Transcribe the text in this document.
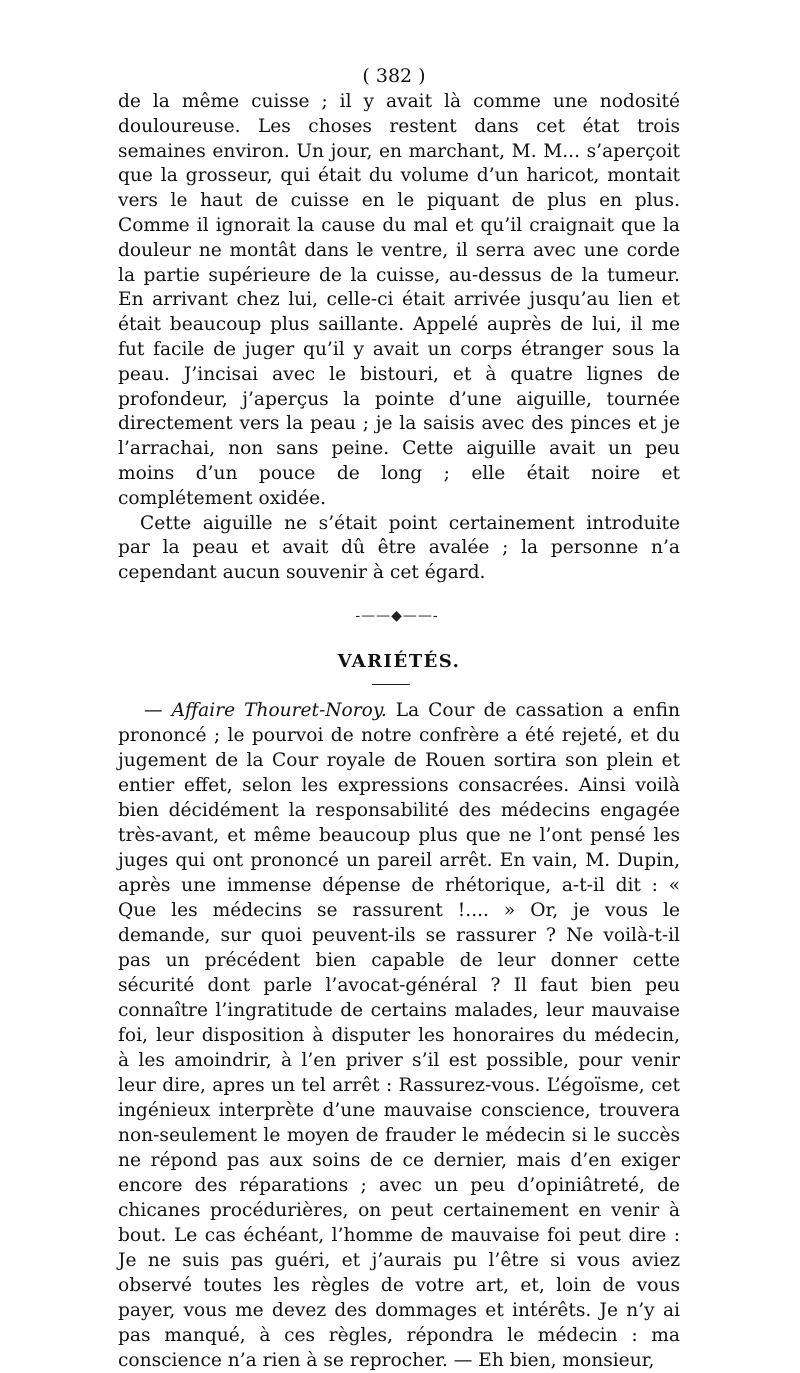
( 382 )

de la même cuisse ; il y avait là comme une nodosité douloureuse. Les choses restent dans cet état trois semaines environ. Un jour, en marchant, M. M... s’aperçoit que la grosseur, qui était du volume d’un haricot, montait vers le haut de cuisse en le piquant de plus en plus. Comme il ignorait la cause du mal et qu’il craignait que la douleur ne montât dans le ventre, il serra avec une corde la partie supérieure de la cuisse, au-dessus de la tumeur. En arrivant chez lui, celle-ci était arrivée jusqu’au lien et était beaucoup plus saillante. Appelé auprès de lui, il me fut facile de juger qu’il y avait un corps étranger sous la peau. J’incisai avec le bistouri, et à quatre lignes de profondeur, j’aperçus la pointe d’une aiguille, tournée directement vers la peau ; je la saisis avec des pinces et je l’arrachai, non sans peine. Cette aiguille avait un peu moins d’un pouce de long ; elle était noire et complétement oxidée.

Cette aiguille ne s’était point certainement introduite par la peau et avait dû être avalée ; la personne n’a cependant aucun souvenir à cet égard.

-——◆——-
VARIÉTÉS.

— Affaire Thouret-Noroy. La Cour de cassation a enfin prononcé ; le pourvoi de notre confrère a été rejeté, et du jugement de la Cour royale de Rouen sortira son plein et entier effet, selon les expressions consacrées. Ainsi voilà bien décidément la responsabilité des médecins engagée très-avant, et même beaucoup plus que ne l’ont pensé les juges qui ont prononcé un pareil arrêt. En vain, M. Dupin, après une immense dépense de rhétorique, a-t-il dit : « Que les médecins se rassurent !.... » Or, je vous le demande, sur quoi peuvent-ils se rassurer ? Ne voilà-t-il pas un précédent bien capable de leur donner cette sécurité dont parle l’avocat-général ? Il faut bien peu connaître l’ingratitude de certains malades, leur mauvaise foi, leur disposition à disputer les honoraires du médecin, à les amoindrir, à l’en priver s’il est possible, pour venir leur dire, apres un tel arrêt : Rassurez-vous. L’égoïsme, cet ingénieux interprète d’une mauvaise conscience, trouvera non-seulement le moyen de frauder le médecin si le succès ne répond pas aux soins de ce dernier, mais d’en exiger encore des réparations ; avec un peu d’opiniâtreté, de chicanes procédurières, on peut certainement en venir à bout. Le cas échéant, l’homme de mauvaise foi peut dire : Je ne suis pas guéri, et j’aurais pu l’être si vous aviez observé toutes les règles de votre art, et, loin de vous payer, vous me devez des dommages et intérêts. Je n’y ai pas manqué, à ces règles, répondra le médecin : ma conscience n’a rien à se reprocher. — Eh bien, monsieur,
